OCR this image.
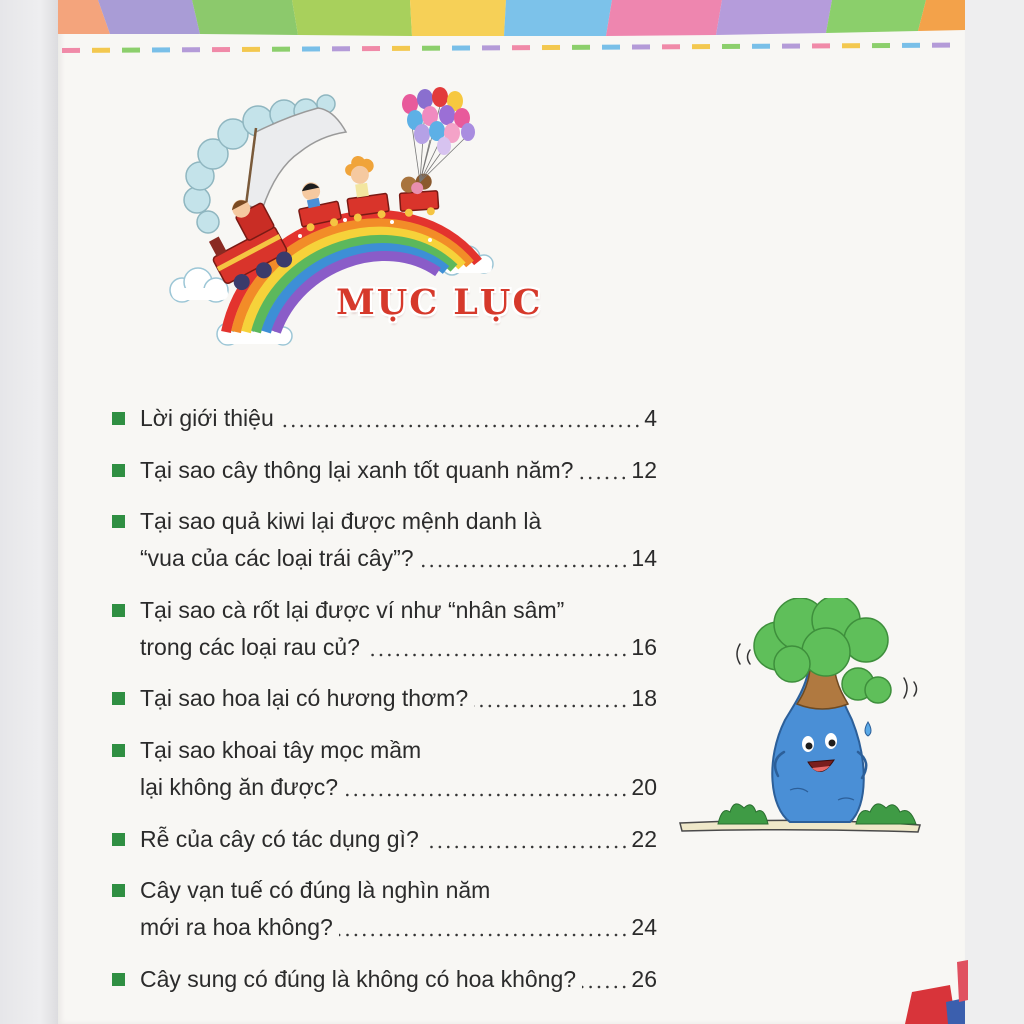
MỤC LỤC
Lời giới thiệu	4
Tại sao cây thông lại xanh tốt quanh năm?	12
Tại sao quả kiwi lại được mệnh danh là
“vua của các loại trái cây”?	14
Tại sao cà rốt lại được ví như “nhân sâm”
trong các loại rau củ?	16
Tại sao hoa lại có hương thơm?	18
Tại sao khoai tây mọc mầm
lại không ăn được?	20
Rễ của cây có tác dụng gì?	22
Cây vạn tuế có đúng là nghìn năm
mới ra hoa không?	24
Cây sung có đúng là không có hoa không? 26
